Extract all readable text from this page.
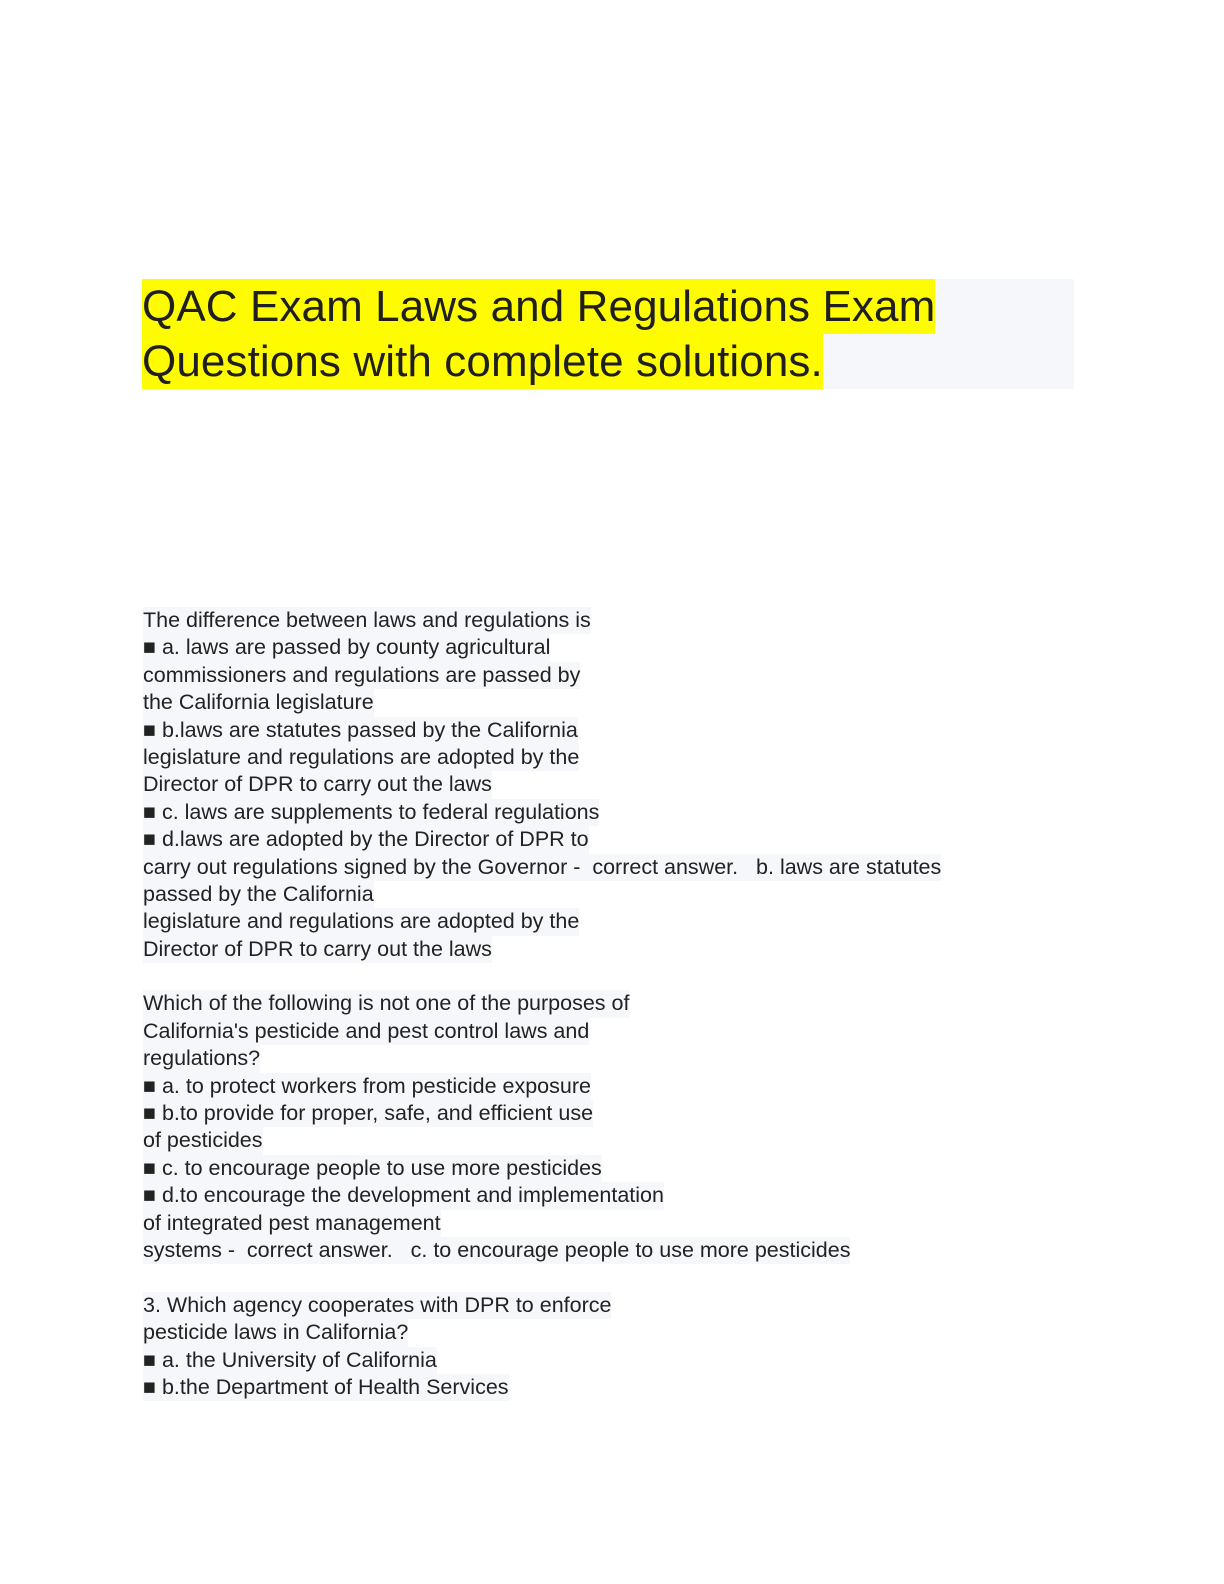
QAC Exam Laws and Regulations Exam
Questions with complete solutions.
The difference between laws and regulations is
■ a. laws are passed by county agricultural
commissioners and regulations are passed by
the California legislature
■ b.laws are statutes passed by the California
legislature and regulations are adopted by the
Director of DPR to carry out the laws
■ c. laws are supplements to federal regulations
■ d.laws are adopted by the Director of DPR to
carry out regulations signed by the Governor -  correct answer.   b. laws are statutes
passed by the California
legislature and regulations are adopted by the
Director of DPR to carry out the laws
Which of the following is not one of the purposes of
California's pesticide and pest control laws and
regulations?
■ a. to protect workers from pesticide exposure
■ b.to provide for proper, safe, and efficient use
of pesticides
■ c. to encourage people to use more pesticides
■ d.to encourage the development and implementation
of integrated pest management
systems -  correct answer.   c. to encourage people to use more pesticides
3. Which agency cooperates with DPR to enforce
pesticide laws in California?
■ a. the University of California
■ b.the Department of Health Services
